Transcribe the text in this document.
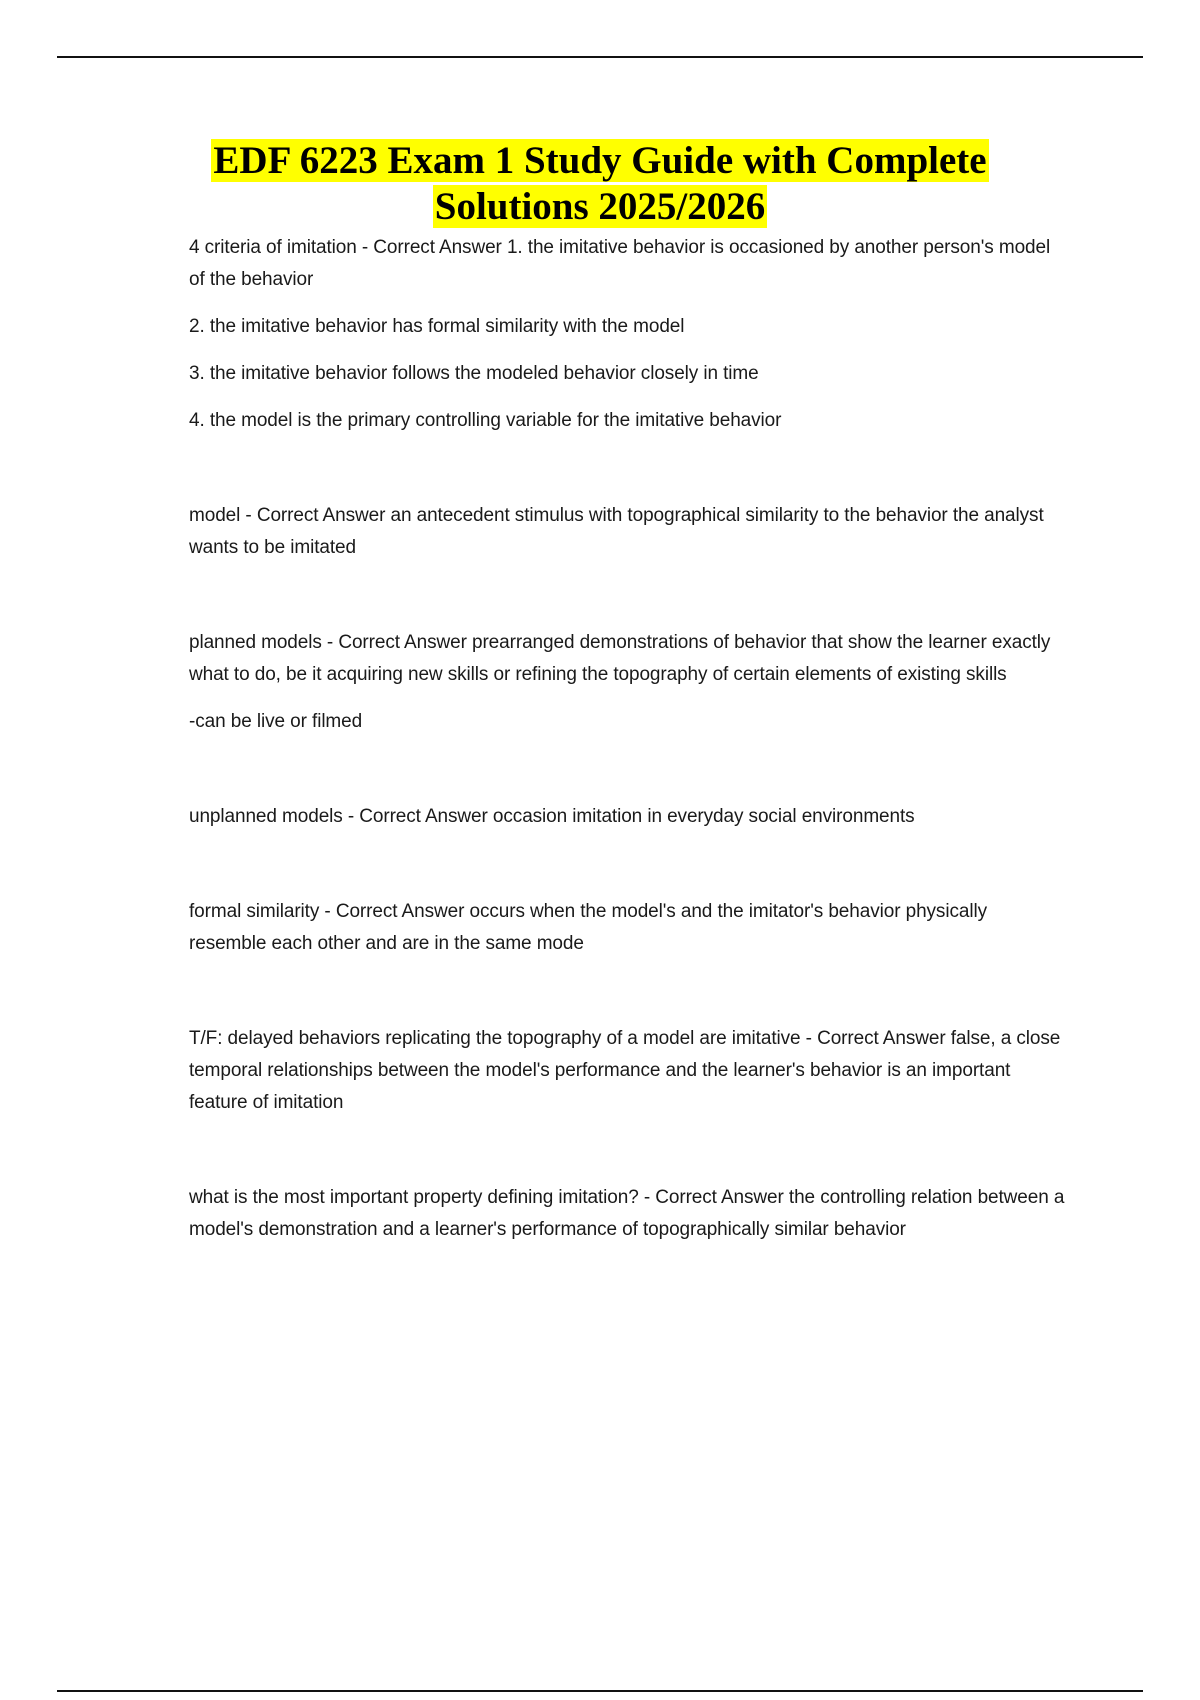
EDF 6223 Exam 1 Study Guide with Complete
Solutions 2025/2026

4 criteria of imitation - Correct Answer 1. the imitative behavior is occasioned by another person's model of the behavior

2. the imitative behavior has formal similarity with the model

3. the imitative behavior follows the modeled behavior closely in time

4. the model is the primary controlling variable for the imitative behavior

model - Correct Answer an antecedent stimulus with topographical similarity to the behavior the analyst wants to be imitated

planned models - Correct Answer prearranged demonstrations of behavior that show the learner exactly what to do, be it acquiring new skills or refining the topography of certain elements of existing skills

-can be live or filmed

unplanned models - Correct Answer occasion imitation in everyday social environments

formal similarity - Correct Answer occurs when the model's and the imitator's behavior physically resemble each other and are in the same mode

T/F: delayed behaviors replicating the topography of a model are imitative - Correct Answer false, a close temporal relationships between the model's performance and the learner's behavior is an important feature of imitation

what is the most important property defining imitation? - Correct Answer the controlling relation between a model's demonstration and a learner's performance of topographically similar behavior
